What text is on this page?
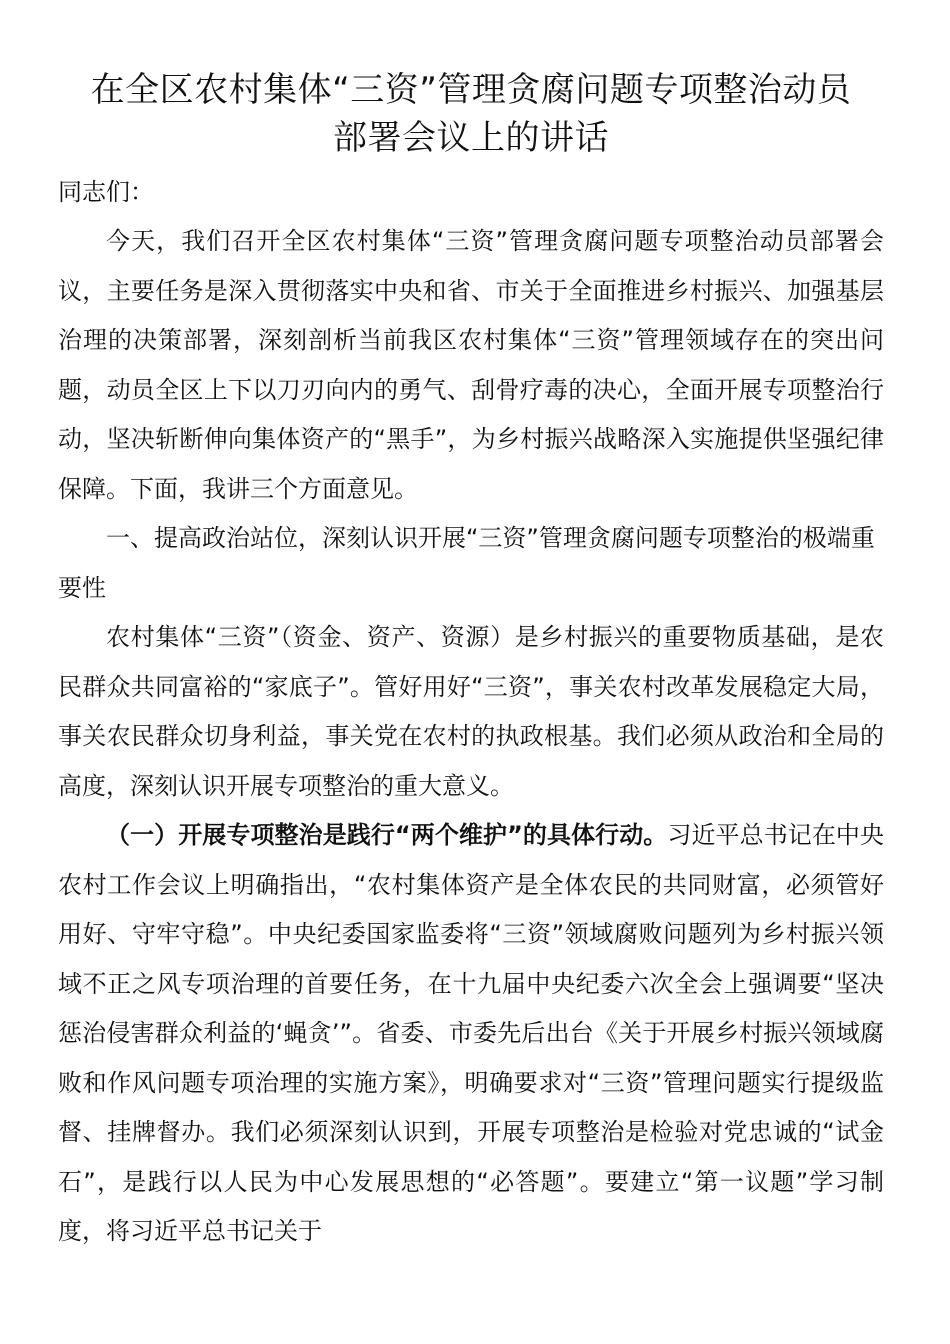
在全区农村集体“三资”管理贪腐问题专项整治动员
部署会议上的讲话

同志们：

今天，我们召开全区农村集体“三资”管理贪腐问题专项整治动员部署会议，主要任务是深入贯彻落实中央和省、市关于全面推进乡村振兴、加强基层治理的决策部署，深刻剖析当前我区农村集体“三资”管理领域存在的突出问题，动员全区上下以刀刃向内的勇气、刮骨疗毒的决心，全面开展专项整治行动，坚决斩断伸向集体资产的“黑手”，为乡村振兴战略深入实施提供坚强纪律保障。下面，我讲三个方面意见。

一、提高政治站位，深刻认识开展“三资”管理贪腐问题专项整治的极端重要性

农村集体“三资”（资金、资产、资源）是乡村振兴的重要物质基础，是农民群众共同富裕的“家底子”。管好用好“三资”，事关农村改革发展稳定大局，事关农民群众切身利益，事关党在农村的执政根基。我们必须从政治和全局的高度，深刻认识开展专项整治的重大意义。

（一）开展专项整治是践行“两个维护”的具体行动。习近平总书记在中央农村工作会议上明确指出，“农村集体资产是全体农民的共同财富，必须管好用好、守牢守稳”。中央纪委国家监委将“三资”领域腐败问题列为乡村振兴领域不正之风专项治理的首要任务，在十九届中央纪委六次全会上强调要“坚决惩治侵害群众利益的‘蝇贪’”。省委、市委先后出台《关于开展乡村振兴领域腐败和作风问题专项治理的实施方案》，明确要求对“三资”管理问题实行提级监督、挂牌督办。我们必须深刻认识到，开展专项整治是检验对党忠诚的“试金石”，是践行以人民为中心发展思想的“必答题”。要建立“第一议题”学习制度，将习近平总书记关于
